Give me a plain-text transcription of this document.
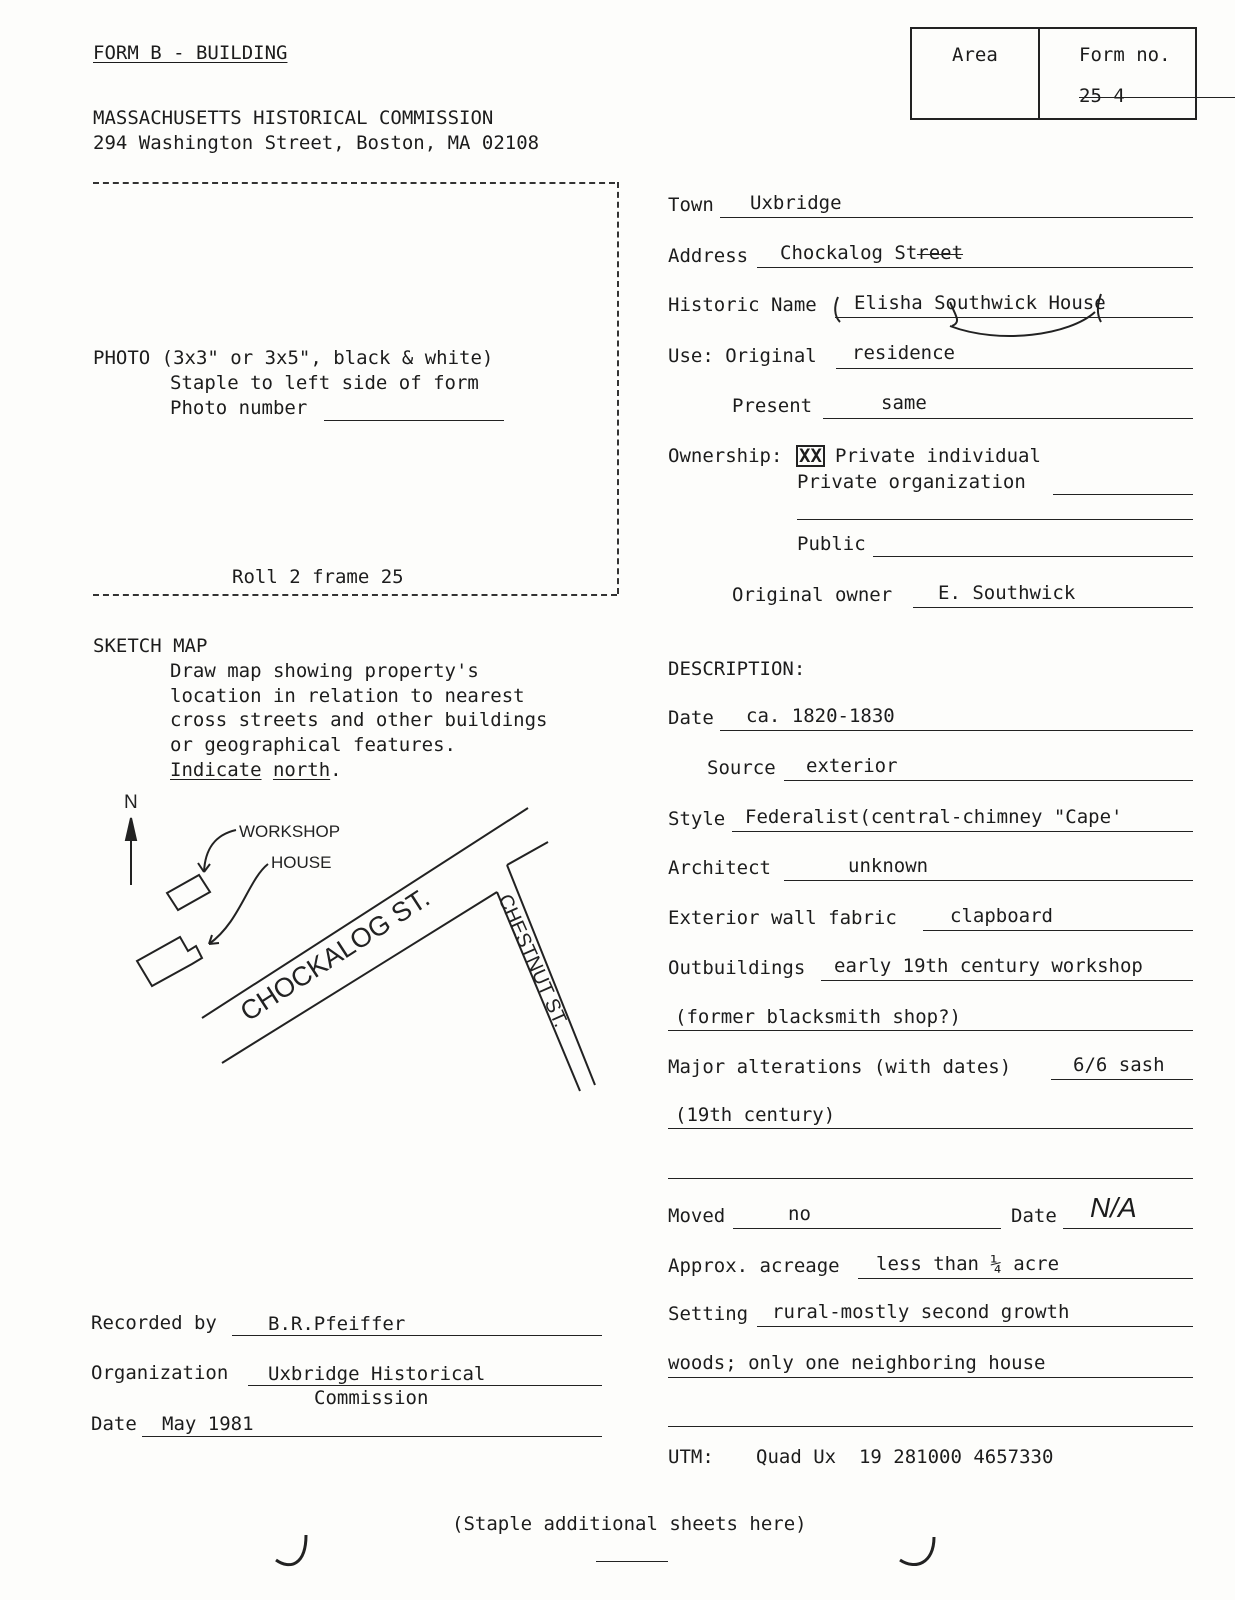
FORM B - BUILDING
MASSACHUSETTS HISTORICAL COMMISSION
294 Washington Street, Boston, MA 02108
Area	Form no.
25 4
PHOTO (3x3" or 3x5", black & white)
Staple to left side of form
Photo number
Roll 2 frame 25
SKETCH MAP
Draw map showing property's
location in relation to nearest
cross streets and other buildings
or geographical features.
Indicate north.
N
WORKSHOP
HOUSE
CHOCKALOG ST.	CHESTNUT ST.
Town Uxbridge
Address Chockalog Street
Historic Name Elisha Southwick House
Use: Original residence
Present	same
Ownership: XX Private individual
Private organization
Public
Original owner E. Southwick
DESCRIPTION:
Date ca. 1820-1830
Source exterior
Style Federalist(central-chimney "Cape'
Architect	unknown
Exterior wall fabric	clapboard
Outbuildings early 19th century workshop
(former blacksmith shop?)
Major alterations (with dates)	6/6 sash
(19th century)
Moved	no	Date N/A
Approx. acreage less than ¼ acre
Setting rural-mostly second growth
woods; only one neighboring house
UTM: Quad Ux  19 281000 4657330
Recorded by	B.R.Pfeiffer
Organization Uxbridge Historical
Commission
Date May 1981
(Staple additional sheets here)
